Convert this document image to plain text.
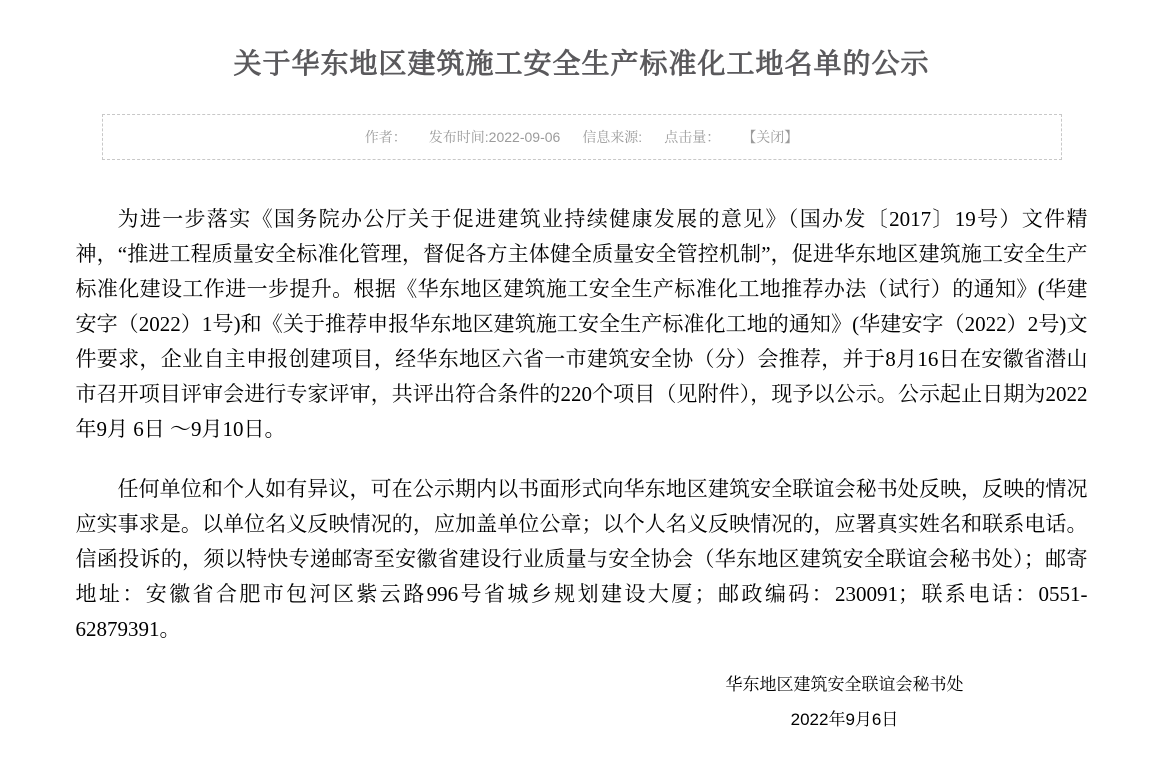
关于华东地区建筑施工安全生产标准化工地名单的公示
作者： 发布时间:2022-09-06 信息来源: 点击量： 【关闭】

为进一步落实《国务院办公厅关于促进建筑业持续健康发展的意见》（国办发〔2017〕19号）文件精神，“推进工程质量安全标准化管理，督促各方主体健全质量安全管控机制”，促进华东地区建筑施工安全生产标准化建设工作进一步提升。根据《华东地区建筑施工安全生产标准化工地推荐办法（试行）的通知》(华建安字（2022）1号)和《关于推荐申报华东地区建筑施工安全生产标准化工地的通知》(华建安字（2022）2号)文件要求，企业自主申报创建项目，经华东地区六省一市建筑安全协（分）会推荐，并于8月16日在安徽省潜山市召开项目评审会进行专家评审，共评出符合条件的220个项目（见附件），现予以公示。公示起止日期为2022年9月 6日 ～9月10日。

任何单位和个人如有异议，可在公示期内以书面形式向华东地区建筑安全联谊会秘书处反映，反映的情况应实事求是。以单位名义反映情况的，应加盖单位公章；以个人名义反映情况的，应署真实姓名和联系电话。信函投诉的，须以特快专递邮寄至安徽省建设行业质量与安全协会（华东地区建筑安全联谊会秘书处）；邮寄地址：安徽省合肥市包河区紫云路996号省城乡规划建设大厦；邮政编码：230091；联系电话：0551-62879391。

华东地区建筑安全联谊会秘书处
2022年9月6日
